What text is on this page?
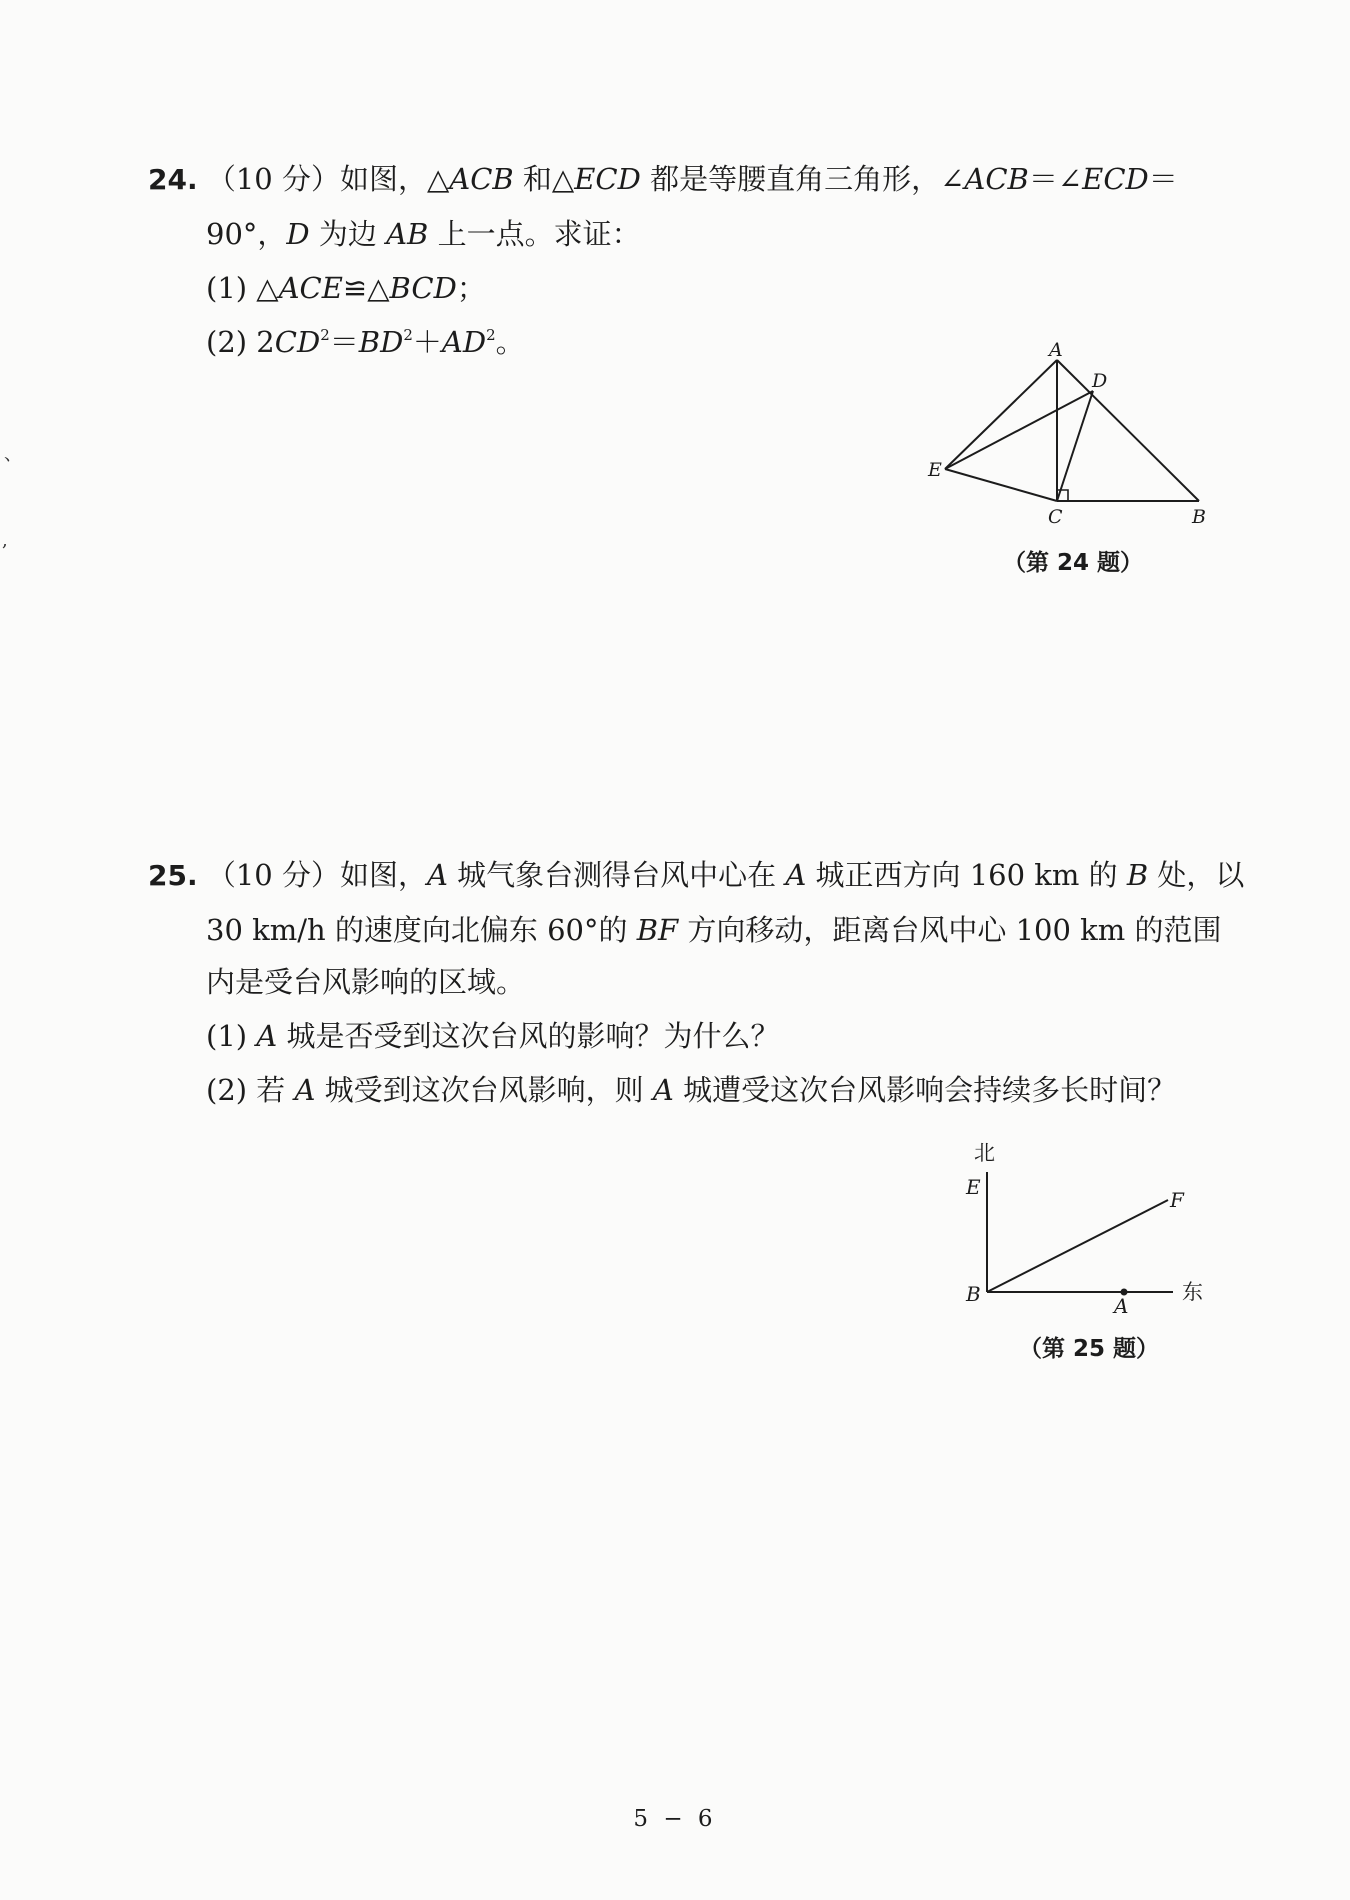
、
,
24. （10 分）如图，△ACB 和△ECD 都是等腰直角三角形，∠ACB＝∠ECD＝
90°，D 为边 AB 上一点。求证：
(1) △ACE≌△BCD；
(2) $2CD^2=BD^2+AD^2$。	A
D
E
C	B
（第 24 题）
25. （10 分）如图，A 城气象台测得台风中心在 A 城正西方向 160 km 的 B 处，以
30 km/h 的速度向北偏东 60°的 BF 方向移动，距离台风中心 100 km 的范围
内是受台风影响的区域。
(1) A 城是否受到这次台风的影响？为什么？
(2) 若 A 城受到这次台风影响，则 A 城遭受这次台风影响会持续多长时间？
北
东
E
F
B	A
（第 25 题）
5 − 6
